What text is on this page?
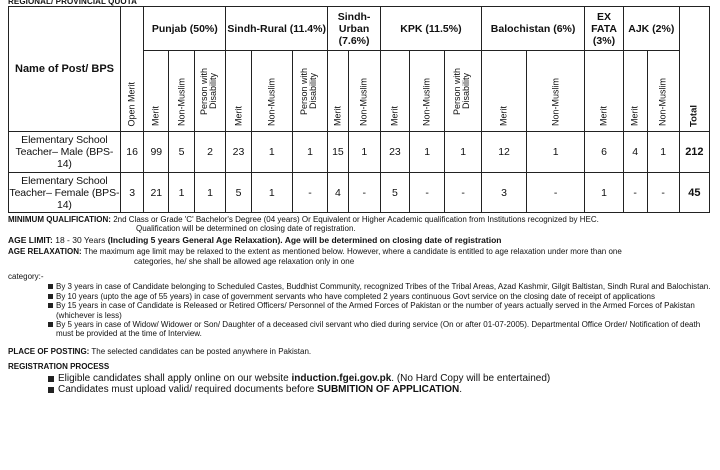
REGIONAL/ PROVINCIAL QUOTA
Name of Post/ BPS	Open Merit	Punjab (50%)			Sindh-Rural (11.4%)			Sindh-Urban (7.6%)		KPK (11.5%)			Balochistan (6%)		EX FATA (3%)	AJK (2%)		Total

		Merit	Non-Muslim	Person with Disability	Merit	Non-Muslim	Person with Disability	Merit	Non-Muslim	Merit	Non-Muslim	Person with Disability	Merit	Non-Muslim	Merit	Merit	Non-Muslim	

Elementary School Teacher– Male (BPS-14)	16	99	5	2	23	1	1	15	1	23	1	1	12	1	6	4	1	212
Elementary School Teacher– Female (BPS-14)	3	21	1	1	5	1	-	4	-	5	-	-	3	-	1	-	-	45
MINIMUM QUALIFICATION: 2nd Class or Grade 'C' Bachelor's Degree (04 years) Or Equivalent or Higher Academic qualification from Institutions recognized by HEC.
Qualification will be determined on closing date of registration.
AGE LIMIT: 18 - 30 Years (Including 5 years General Age Relaxation). Age will be determined on closing date of registration
AGE RELAXATION: The maximum age limit may be relaxed to the extent as mentioned below. However, where a candidate is entitled to age relaxation under more than one
categories, he/ she shall be allowed age relaxation only in one
category:-
By 3 years in case of Candidate belonging to Scheduled Castes, Buddhist Community, recognized Tribes of the Tribal Areas, Azad Kashmir, Gilgit Baltistan, Sindh Rural and Balochistan.
By 10 years (upto the age of 55 years) in case of government servants who have completed 2 years continuous Govt service on the closing date of receipt of applications
By 15 years in case of Candidate is Released or Retired Officers/ Personnel of the Armed Forces of Pakistan or the number of years actually served in the Armed Forces of Pakistan (whichever is less)
By 5 years in case of Widow/ Widower or Son/ Daughter of a deceased civil servant who died during service (On or after 01-07-2005). Departmental Office Order/ Notification of death must be provided at the time of Interview.
PLACE OF POSTING: The selected candidates can be posted anywhere in Pakistan.
REGISTRATION PROCESS
Eligible candidates shall apply online on our website induction.fgei.gov.pk. (No Hard Copy will be entertained)
Candidates must upload valid/ required documents before SUBMITION OF APPLICATION.
